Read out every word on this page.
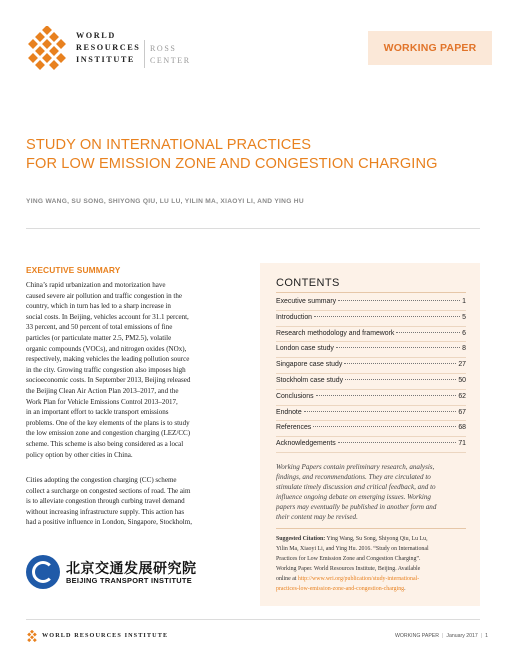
WORLD
RESOURCES
INSTITUTE
ROSS
CENTER
WORKING PAPER
STUDY ON INTERNATIONAL PRACTICES
FOR LOW EMISSION ZONE AND CONGESTION CHARGING
YING WANG, SU SONG, SHIYONG QIU, LU LU, YILIN MA, XIAOYI LI, AND YING HU
EXECUTIVE SUMMARY
China’s rapid urbanization and motorization have
caused severe air pollution and traffic congestion in the
country, which in turn has led to a sharp increase in
social costs. In Beijing, vehicles account for 31.1 percent,
33 percent, and 50 percent of total emissions of fine
particles (or particulate matter 2.5, PM2.5), volatile
organic compounds (VOCs), and nitrogen oxides (NOx),
respectively, making vehicles the leading pollution source
in the city. Growing traffic congestion also imposes high
socioeconomic costs. In September 2013, Beijing released
the Beijing Clean Air Action Plan 2013–2017, and the
Work Plan for Vehicle Emissions Control 2013–2017,
in an important effort to tackle transport emissions
problems. One of the key elements of the plans is to study
the low emission zone and congestion charging (LEZ/CC)
scheme. This scheme is also being considered as a local
policy option by other cities in China.
Cities adopting the congestion charging (CC) scheme
collect a surcharge on congested sections of road. The aim
is to alleviate congestion through curbing travel demand
without increasing infrastructure supply. This action has
had a positive influence in London, Singapore, Stockholm,
北京交通发展研究院
BEIJING TRANSPORT INSTITUTE
CONTENTS
Executive summary	1
Introduction	5
Research methodology and framework	6
London case study	8
Singapore case study	27
Stockholm case study	50
Conclusions	62
Endnote	67
References	68
Acknowledgements	71
Working Papers contain preliminary research, analysis,
findings, and recommendations. They are circulated to
stimulate timely discussion and critical feedback, and to
influence ongoing debate on emerging issues. Working
papers may eventually be published in another form and
their content may be revised.
Suggested Citation: Ying Wang, Su Song, Shiyong Qiu, Lu Lu,
Yilin Ma, Xiaoyi Li, and Ying Hu. 2016. “Study on International
Practices for Low Emission Zone and Congestion Charging”.
Working Paper. World Resources Institute, Beijing. Available
online at http://www.wri.org/publication/study-international-
practices-low-emission-zone-and-congestion-charging.
WORLD RESOURCES INSTITUTE	WORKING PAPER | January 2017 | 1
